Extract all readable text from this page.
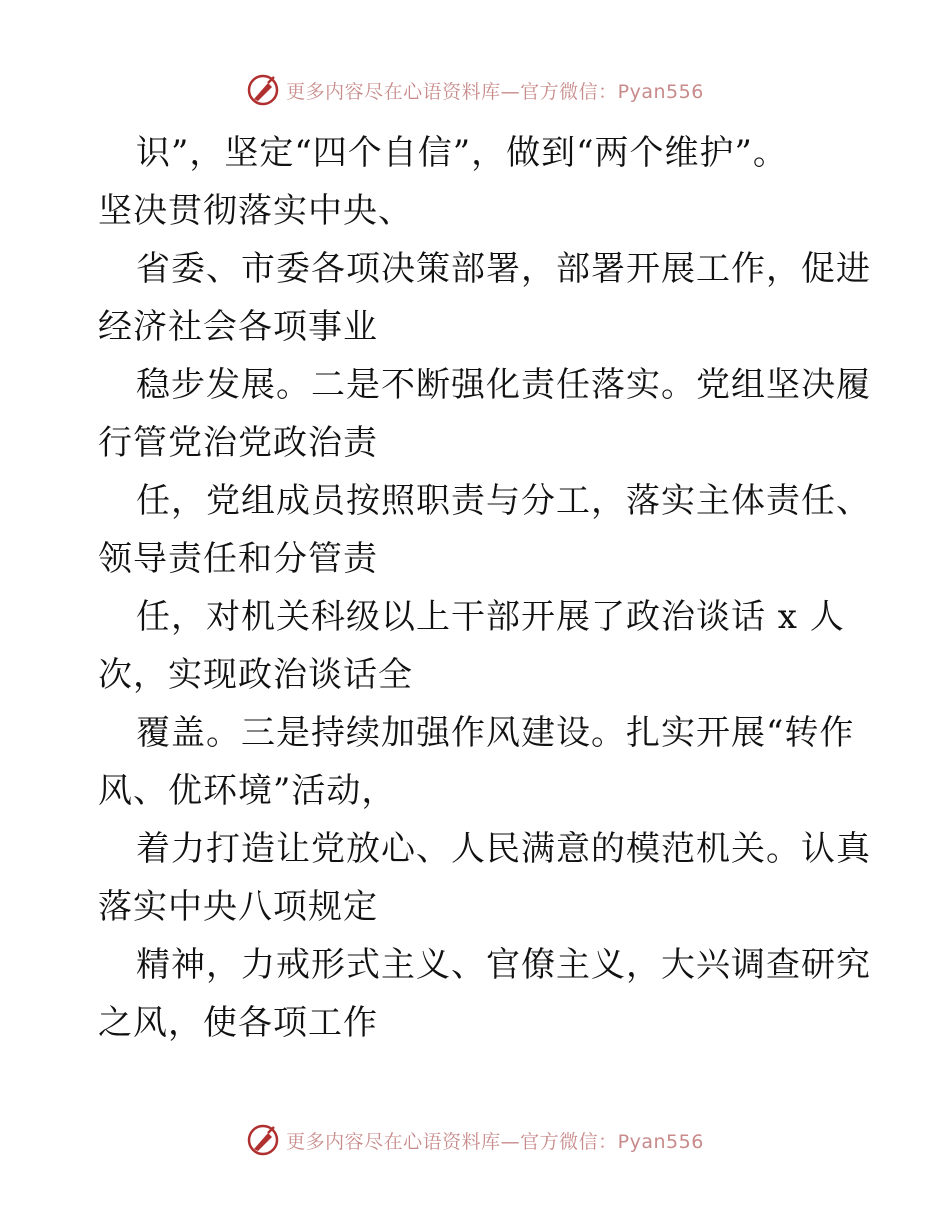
更多内容尽在心语资料库—官方微信：Pyan556

识”，坚定“四个自信”，做到“两个维护”。
坚决贯彻落实中央、

省委、市委各项决策部署，部署开展工作，促进
经济社会各项事业

稳步发展。二是不断强化责任落实。党组坚决履
行管党治党政治责

任，党组成员按照职责与分工，落实主体责任、
领导责任和分管责

任，对机关科级以上干部开展了政治谈话 x 人
次，实现政治谈话全

覆盖。三是持续加强作风建设。扎实开展“转作
风、优环境”活动，

着力打造让党放心、人民满意的模范机关。认真
落实中央八项规定

精神，力戒形式主义、官僚主义，大兴调查研究
之风，使各项工作

更多内容尽在心语资料库—官方微信：Pyan556
